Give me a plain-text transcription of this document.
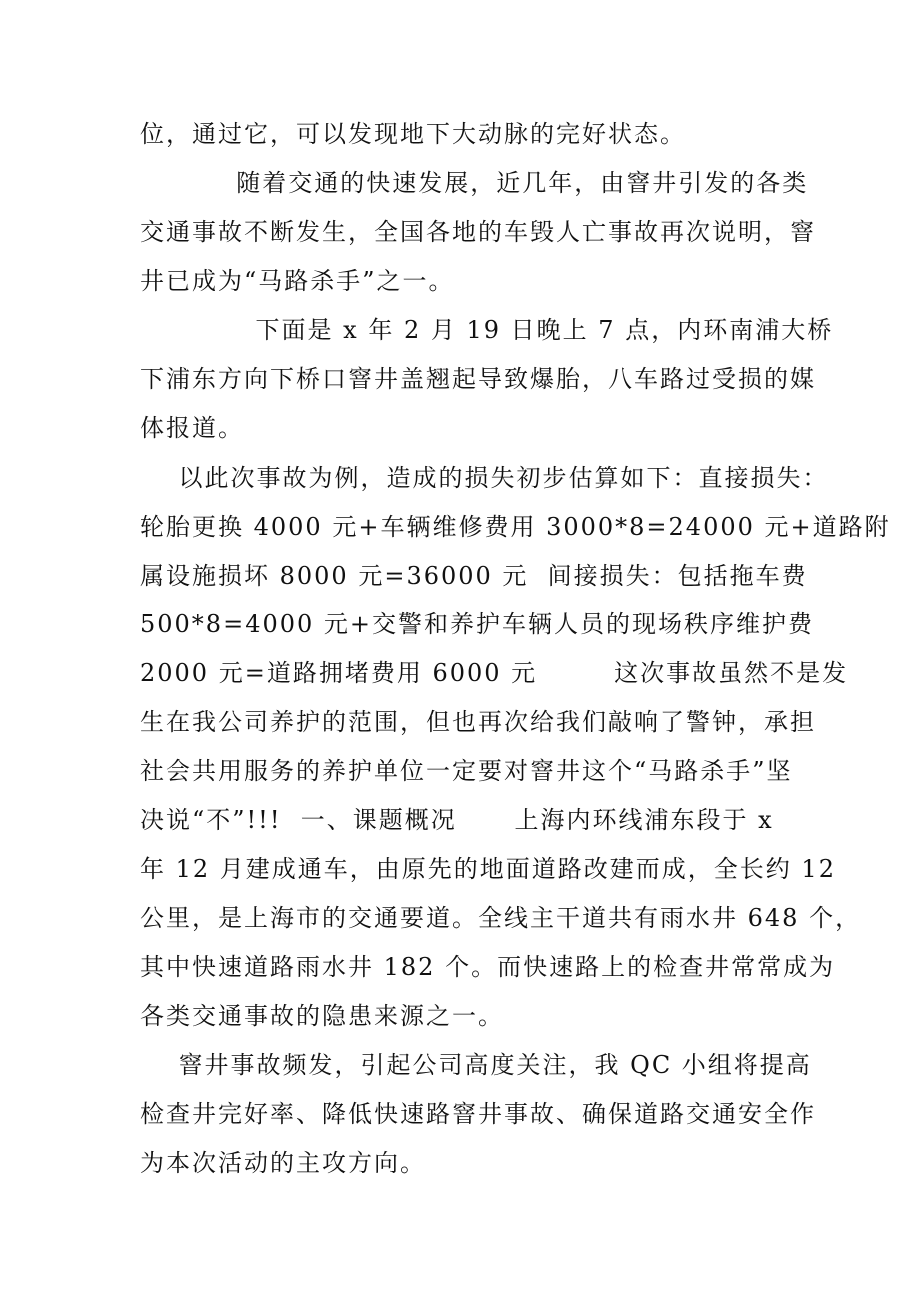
位，通过它，可以发现地下大动脉的完好状态。
随着交通的快速发展，近几年，由窨井引发的各类
交通事故不断发生，全国各地的车毁人亡事故再次说明，窨
井已成为“马路杀手”之一。
下面是 x 年 2 月 19 日晚上 7 点，内环南浦大桥
下浦东方向下桥口窨井盖翘起导致爆胎，八车路过受损的媒
体报道。
以此次事故为例，造成的损失初步估算如下：直接损失：
轮胎更换 4000 元+车辆维修费用 3000*8=24000 元+道路附
属设施损坏 8000 元=36000 元  间接损失：包括拖车费
500*8=4000 元+交警和养护车辆人员的现场秩序维护费
2000 元=道路拥堵费用 6000 元        这次事故虽然不是发
生在我公司养护的范围，但也再次给我们敲响了警钟，承担
社会共用服务的养护单位一定要对窨井这个“马路杀手”坚
决说“不”!!!  一、课题概况      上海内环线浦东段于 x
年 12 月建成通车，由原先的地面道路改建而成，全长约 12
公里，是上海市的交通要道。全线主干道共有雨水井 648 个，
其中快速道路雨水井 182 个。而快速路上的检查井常常成为
各类交通事故的隐患来源之一。
窨井事故频发，引起公司高度关注，我 QC 小组将提高
检查井完好率、降低快速路窨井事故、确保道路交通安全作
为本次活动的主攻方向。
